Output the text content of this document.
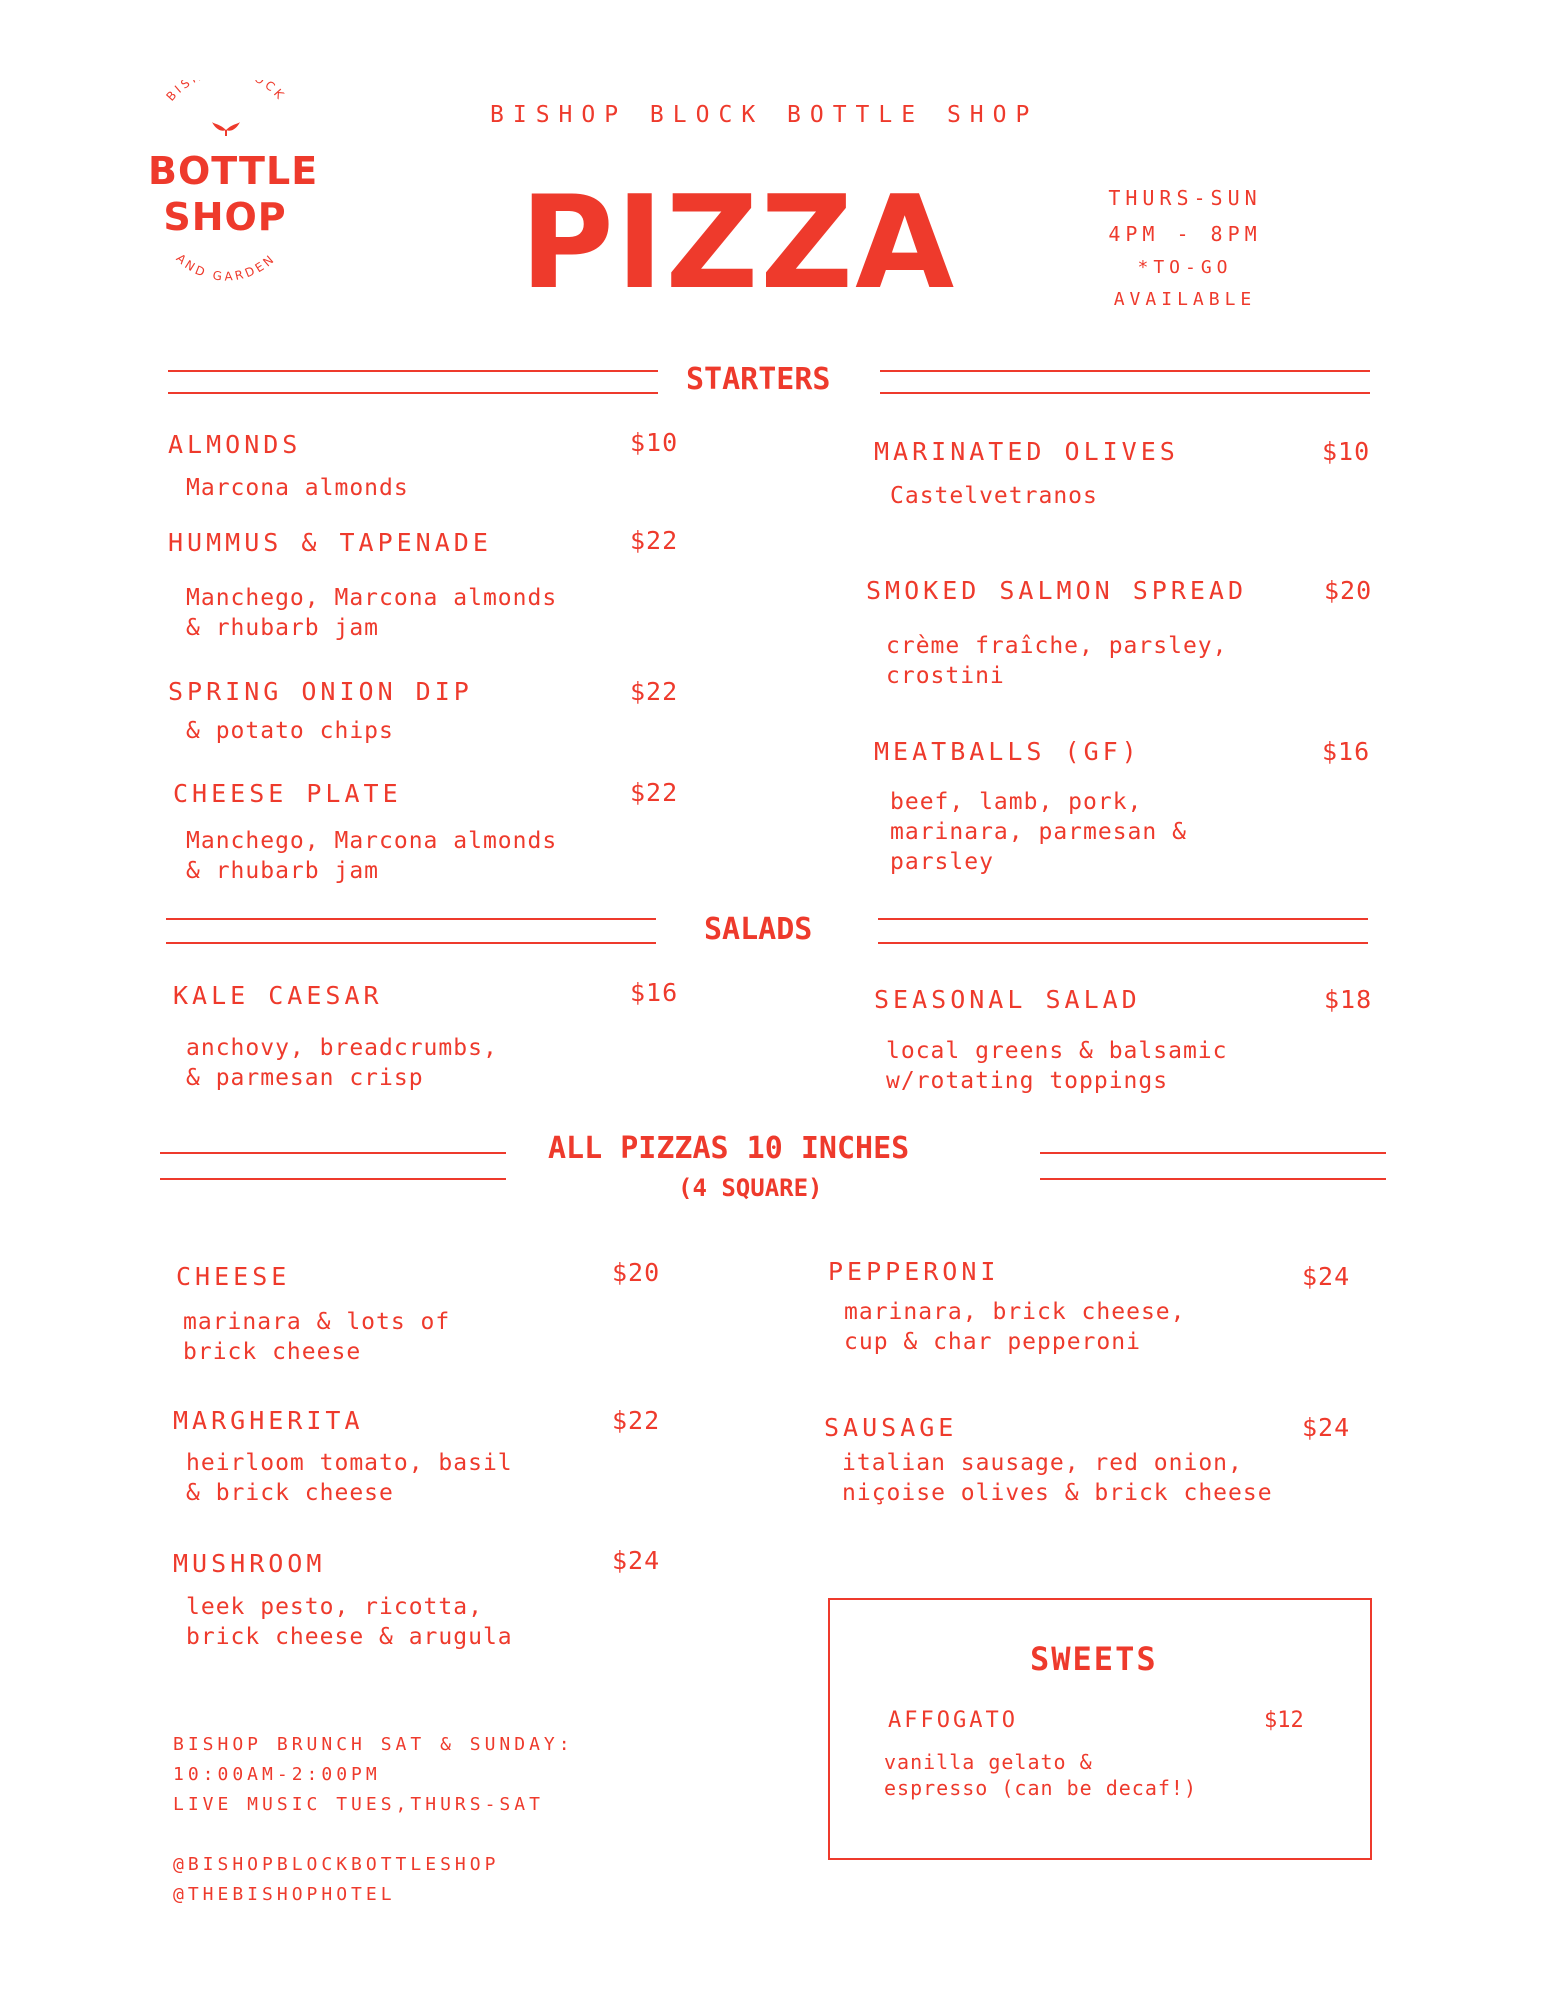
BIS CK
AND GARDEN
BOTTLE
SHOP
BISHOP BLOCK BOTTLE SHOP
PIZZA	THURS-SUN
4PM - 8PM
*TO-GO
AVAILABLE
STARTERS
ALMONDS	$10
Marcona almonds
HUMMUS & TAPENADE	$22
Manchego, Marcona almonds
& rhubarb jam
SPRING ONION DIP	$22
& potato chips
CHEESE PLATE	$22
Manchego, Marcona almonds
& rhubarb jam
MARINATED OLIVES	$10
Castelvetranos
SMOKED SALMON SPREAD	$20
crème fraîche, parsley,
crostini
MEATBALLS (GF)	$16
beef, lamb, pork,
marinara, parmesan &
parsley
SALADS
KALE CAESAR	$16
anchovy, breadcrumbs,
& parmesan crisp
SEASONAL SALAD	$18
local greens & balsamic
w/rotating toppings
ALL PIZZAS 10 INCHES
(4 SQUARE)
CHEESE	$20
marinara & lots of
brick cheese
MARGHERITA	$22
heirloom tomato, basil
& brick cheese
MUSHROOM	$24
leek pesto, ricotta,
brick cheese & arugula
PEPPERONI	$24
marinara, brick cheese,
cup & char pepperoni
SAUSAGE	$24
italian sausage, red onion,
niçoise olives & brick cheese
SWEETS
AFFOGATO	$12
vanilla gelato &
espresso (can be decaf!)
BISHOP BRUNCH SAT & SUNDAY:
10:00AM-2:00PM
LIVE MUSIC TUES,THURS-SAT
@BISHOPBLOCKBOTTLESHOP
@THEBISHOPHOTEL
